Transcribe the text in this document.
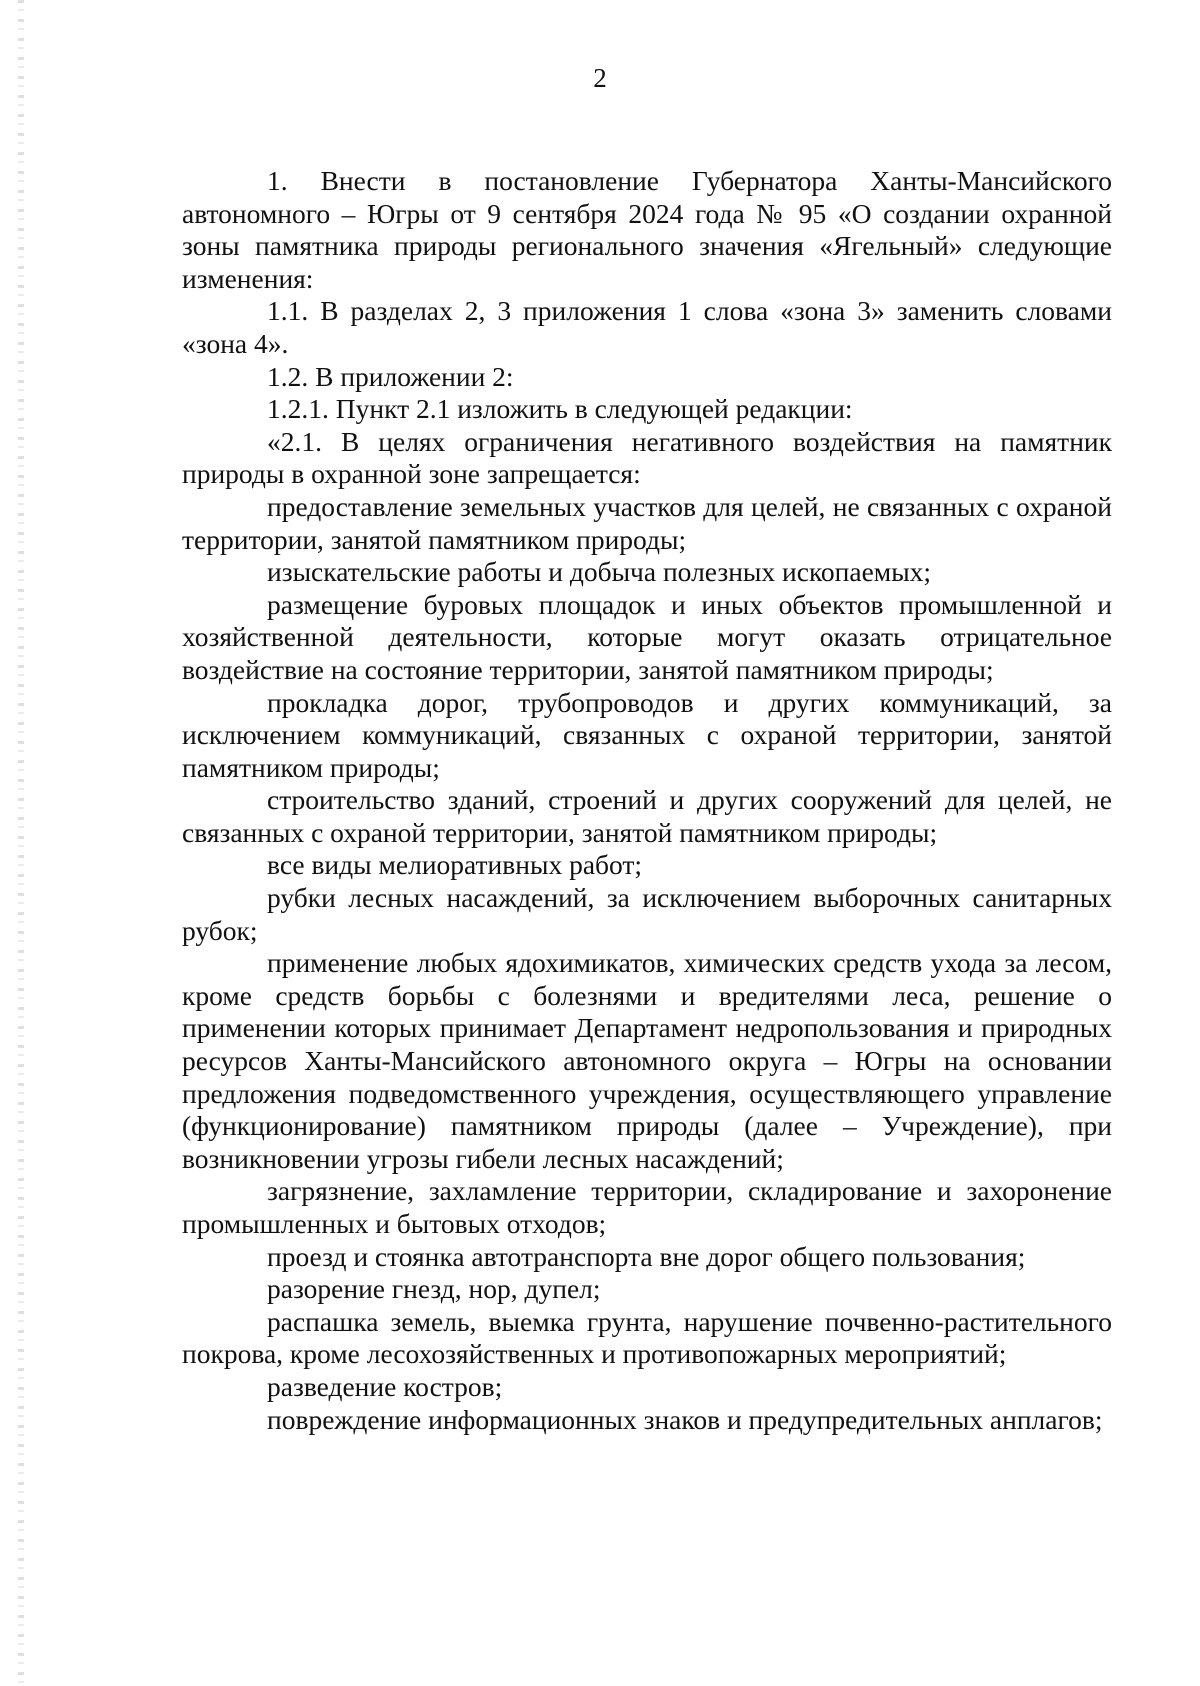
2

1. Внести в постановление Губернатора Ханты-Мансийского автономного – Югры от 9 сентября 2024 года № 95 «О создании охранной зоны памятника природы регионального значения «Ягельный» следующие изменения:

1.1. В разделах 2, 3 приложения 1 слова «зона 3» заменить словами «зона 4».

1.2. В приложении 2:

1.2.1. Пункт 2.1 изложить в следующей редакции:

«2.1. В целях ограничения негативного воздействия на памятник природы в охранной зоне запрещается:

предоставление земельных участков для целей, не связанных с охраной территории, занятой памятником природы;

изыскательские работы и добыча полезных ископаемых;

размещение буровых площадок и иных объектов промышленной и хозяйственной деятельности, которые могут оказать отрицательное воздействие на состояние территории, занятой памятником природы;

прокладка дорог, трубопроводов и других коммуникаций, за исключением коммуникаций, связанных с охраной территории, занятой памятником природы;

строительство зданий, строений и других сооружений для целей, не связанных с охраной территории, занятой памятником природы;

все виды мелиоративных работ;

рубки лесных насаждений, за исключением выборочных санитарных рубок;

применение любых ядохимикатов, химических средств ухода за лесом, кроме средств борьбы с болезнями и вредителями леса, решение о применении которых принимает Департамент недропользования и природных ресурсов Ханты-Мансийского автономного округа – Югры на основании предложения подведомственного учреждения, осуществляющего управление (функционирование) памятником природы (далее – Учреждение), при возникновении угрозы гибели лесных насаждений;

загрязнение, захламление территории, складирование и захоронение промышленных и бытовых отходов;

проезд и стоянка автотранспорта вне дорог общего пользования;

разорение гнезд, нор, дупел;

распашка земель, выемка грунта, нарушение почвенно-растительного покрова, кроме лесохозяйственных и противопожарных мероприятий;

разведение костров;

повреждение информационных знаков и предупредительных анплагов;
